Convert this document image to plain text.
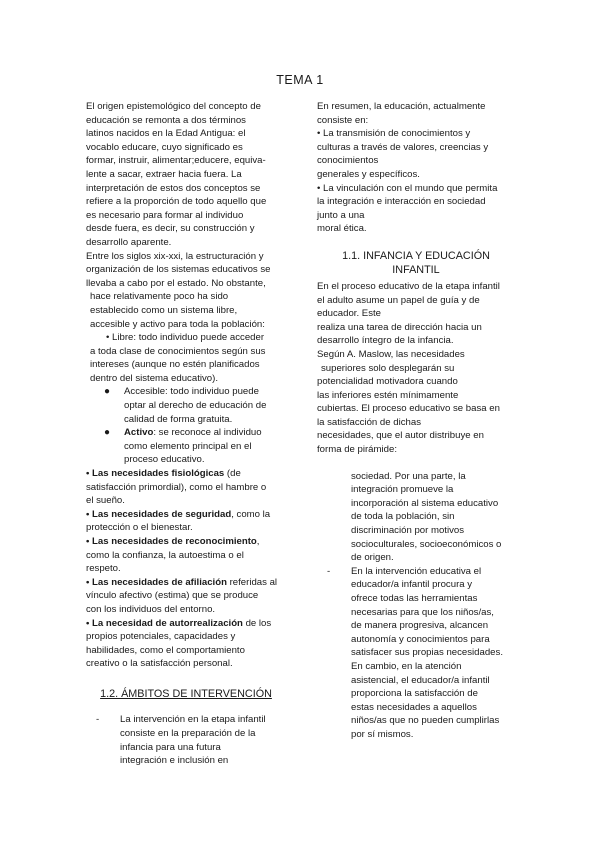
TEMA 1

El origen epistemológico del concepto de

educación se remonta a dos términos

latinos nacidos en la Edad Antigua: el

vocablo educare, cuyo significado es

formar, instruir, alimentar;educere, equiva-

lente a sacar, extraer hacia fuera. La

interpretación de estos dos conceptos se

refiere a la proporción de todo aquello que

es necesario para formar al individuo

desde fuera, es decir, su construcción y

desarrollo aparente.

Entre los siglos xix-xxi, la estructuración y

organización de los sistemas educativos se

llevaba a cabo por el estado. No obstante,

hace relativamente poco ha sido

establecido como un sistema libre,

accesible y activo para toda la población:

• Libre: todo individuo puede acceder

a toda clase de conocimientos según sus

intereses (aunque no estén planificados

dentro del sistema educativo).

● Accesible: todo individuo puede

optar al derecho de educación de

calidad de forma gratuita.

● Activo: se reconoce al individuo

como elemento principal en el

proceso educativo.

• Las necesidades fisiológicas (de

satisfacción primordial), como el hambre o

el sueño.

• Las necesidades de seguridad, como la

protección o el bienestar.

• Las necesidades de reconocimiento,

como la confianza, la autoestima o el

respeto.

• Las necesidades de afiliación referidas al

vínculo afectivo (estima) que se produce

con los individuos del entorno.

• La necesidad de autorrealización de los

propios potenciales, capacidades y

habilidades, como el comportamiento

creativo o la satisfacción personal.

1.2. ÁMBITOS DE INTERVENCIÓN
- La intervención en la etapa infantil

consiste en la preparación de la

infancia para una futura

integración e inclusión en

En resumen, la educación, actualmente

consiste en:

• La transmisión de conocimientos y

culturas a través de valores, creencias y

conocimientos

generales y específicos.

• La vinculación con el mundo que permita

la integración e interacción en sociedad

junto a una

moral ética.

1.1. INFANCIA Y EDUCACIÓN
INFANTIL

En el proceso educativo de la etapa infantil

el adulto asume un papel de guía y de

educador. Este

realiza una tarea de dirección hacia un

desarrollo íntegro de la infancia.

Según A. Maslow, las necesidades

superiores solo desplegarán su

potencialidad motivadora cuando

las inferiores estén mínimamente

cubiertas. El proceso educativo se basa en

la satisfacción de dichas

necesidades, que el autor distribuye en

forma de pirámide:

sociedad. Por una parte, la

integración promueve la

incorporación al sistema educativo

de toda la población, sin

discriminación por motivos

socioculturales, socioeconómicos o

de origen.

- En la intervención educativa el

educador/a infantil procura y

ofrece todas las herramientas

necesarias para que los niños/as,

de manera progresiva, alcancen

autonomía y conocimientos para

satisfacer sus propias necesidades.

En cambio, en la atención

asistencial, el educador/a infantil

proporciona la satisfacción de

estas necesidades a aquellos

niños/as que no pueden cumplirlas

por sí mismos.
